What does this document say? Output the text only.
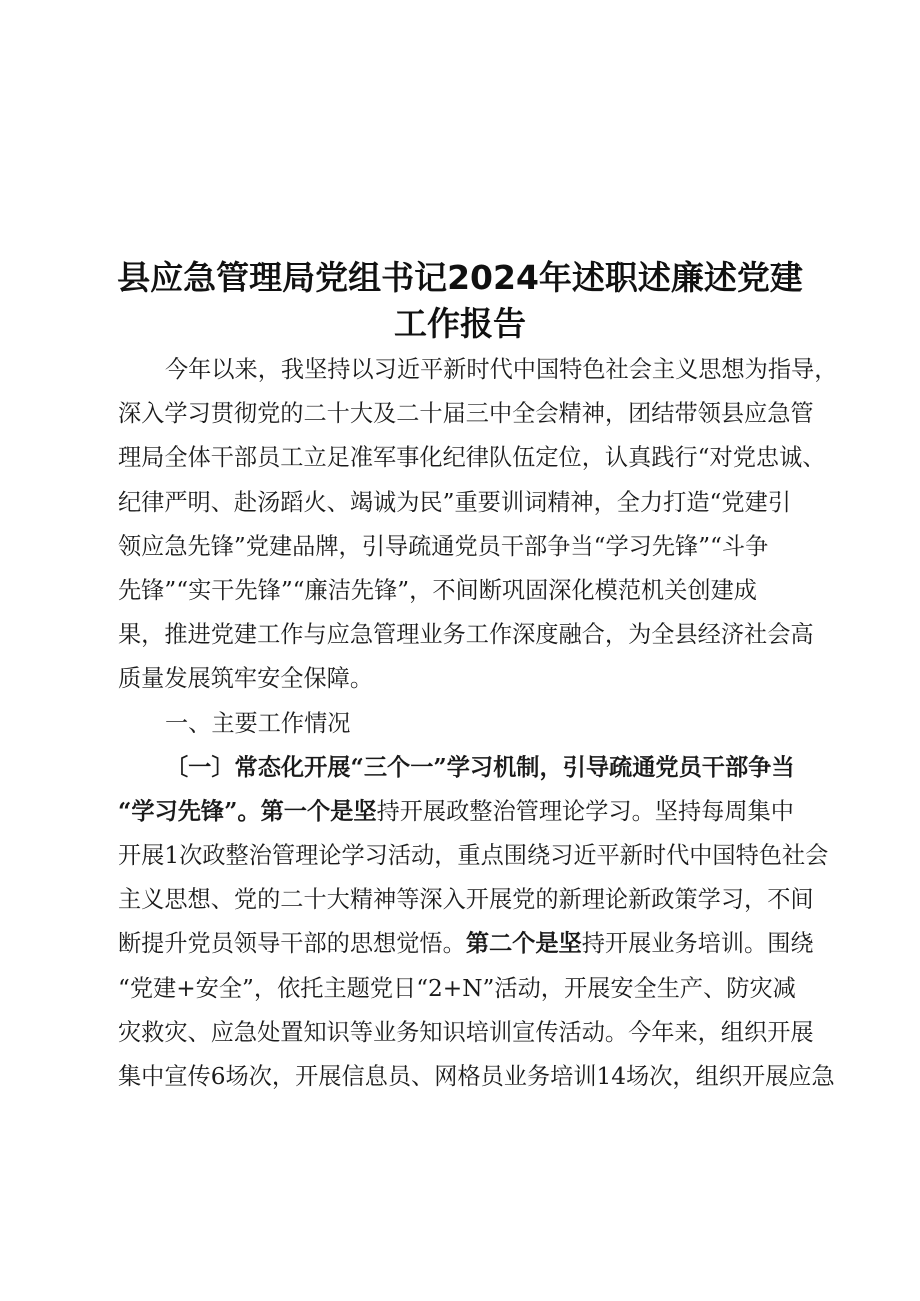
县应急管理局党组书记2024年述职述廉述党建
工作报告
今年以来，我坚持以习近平新时代中国特色社会主义思想为指导，
深入学习贯彻党的二十大及二十届三中全会精神，团结带领县应急管
理局全体干部员工立足准军事化纪律队伍定位，认真践行“对党忠诚、
纪律严明、赴汤蹈火、竭诚为民”重要训词精神，全力打造“党建引
领应急先锋”党建品牌，引导疏通党员干部争当“学习先锋”“斗争
先锋”“实干先锋”“廉洁先锋”，不间断巩固深化模范机关创建成
果，推进党建工作与应急管理业务工作深度融合，为全县经济社会高
质量发展筑牢安全保障。
一、主要工作情况
〔一〕常态化开展“三个一”学习机制，引导疏通党员干部争当
“学习先锋”。第一个是坚持开展政整治管理论学习。坚持每周集中
开展1次政整治管理论学习活动，重点围绕习近平新时代中国特色社会
主义思想、党的二十大精神等深入开展党的新理论新政策学习，不间
断提升党员领导干部的思想觉悟。第二个是坚持开展业务培训。围绕
“党建+安全”，依托主题党日“2+N”活动，开展安全生产、防灾减
灾救灾、应急处置知识等业务知识培训宣传活动。今年来，组织开展
集中宣传6场次，开展信息员、网格员业务培训14场次，组织开展应急
